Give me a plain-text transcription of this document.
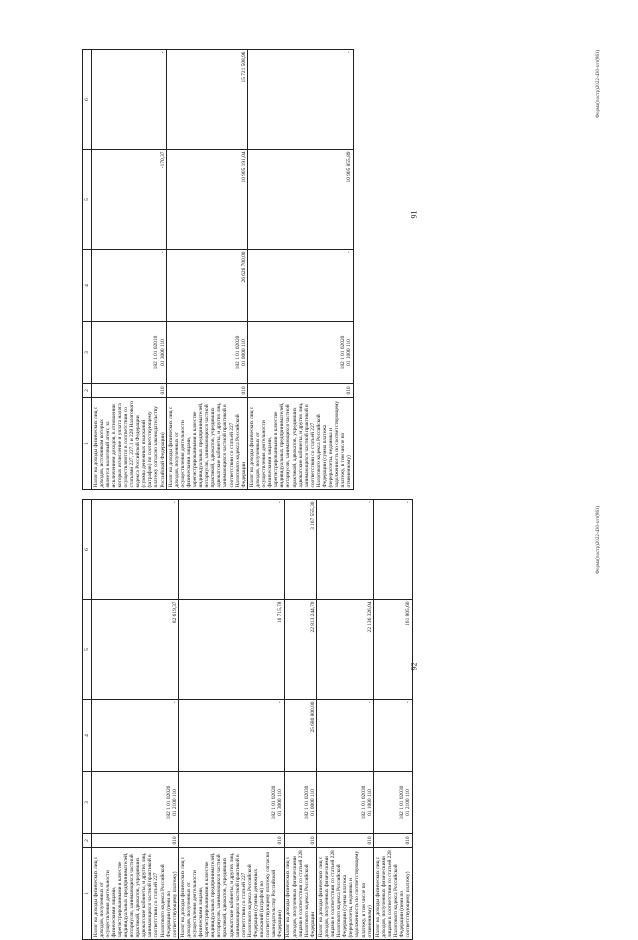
91
1	2	3	4	5	6
Налог на доходы физических лиц с доходов, источником которых является налоговый агент, за исключением доходов, в отношении которых исчисление и уплата налога осуществляются в соответствии со статьями 227, 227.1 и 228 Налогового кодекса Российской Федерации (суммы денежных взысканий (штрафов) по соответствующему платежу согласно законодательству Российской Федерации)	010	182 1 01 02010
01 3000 110	-	-170,37	-
Налог на доходы физических лиц с доходов, полученных от осуществления деятельности физическими лицами, зарегистрированными в качестве индивидуальных предпринимателей, нотариусов, занимающихся частной практикой, адвокатов, учредивших адвокатские кабинеты, и других лиц, занимающихся частной практикой в соответствии со статьей 227 Налогового кодекса Российской Федерации	010	182 1 01 02020
01 0000 110	26 626 700,00	10 905 191,04	15 721 508,96
Налог на доходы физических лиц с доходов, полученных от осуществления деятельности физическими лицами, зарегистрированными в качестве индивидуальных предпринимателей, нотариусов, занимающихся частной практикой, адвокатов, учредивших адвокатские кабинеты, и других лиц, занимающихся частной практикой в соответствии со статьей 227 Налогового кодекса Российской Федерации (сумма платежа (перерасчеты, недоимка и задолженность по соответствующему платежу, в том числе по отмененному)	010	182 1 01 02020
01 1000 110	-	10 905 855,89	-	Форма(постр)2022-430-хтт(861)
92
1	2	3	4	5	6
Налог на доходы физических лиц с доходов, полученных от осуществления деятельности физическими лицами, зарегистрированными в качестве индивидуальных предпринимателей, нотариусов, занимающихся частной практикой, адвокатов, учредивших адвокатские кабинеты, и других лиц, занимающихся частной практикой в соответствии со статьей 227 Налогового кодекса Российской Федерации (пени по соответствующему платежу)	010	182 1 01 02020
01 2100 110	-	82 619,37	-
Налог на доходы физических лиц с доходов, полученных от осуществления деятельности физическими лицами, зарегистрированными в качестве индивидуальных предпринимателей, нотариусов, занимающихся частной практикой, адвокатов, учредивших адвокатские кабинеты, и других лиц, занимающихся частной практикой в соответствии со статьей 227 Налогового кодекса Российской Федерации (суммы денежных взысканий (штрафов) по соответствующему платежу согласно законодательству Российской Федерации)	010	182 1 01 02020
01 3000 110	-	16 715,78	-
Налог на доходы физических лиц с доходов, полученных физическими лицами в соответствии со статьей 228 Налогового кодекса Российской Федерации	010	182 1 01 02030
01 0000 110	25 680 800,00	22 813 244,70	3 167 555,30
Налог на доходы физических лиц с доходов, полученных физическими лицами в соответствии со статьей 228 Налогового кодекса Российской Федерации (сумма платежа (перерасчеты, недоимка и задолженность по соответствующему платежу, в том числе по отмененному)	010	182 1 01 02030
01 1000 110	-	22 136 326,04	-
Налог на доходы физических лиц с доходов, полученных физическими лицами в соответствии со статьей 228 Налогового кодекса Российской Федерации (пени по соответствующему платежу)	010	182 1 01 02030
01 2100 110	-	161 805,60	-
Форма(постр)2022-430-хтт(861)
